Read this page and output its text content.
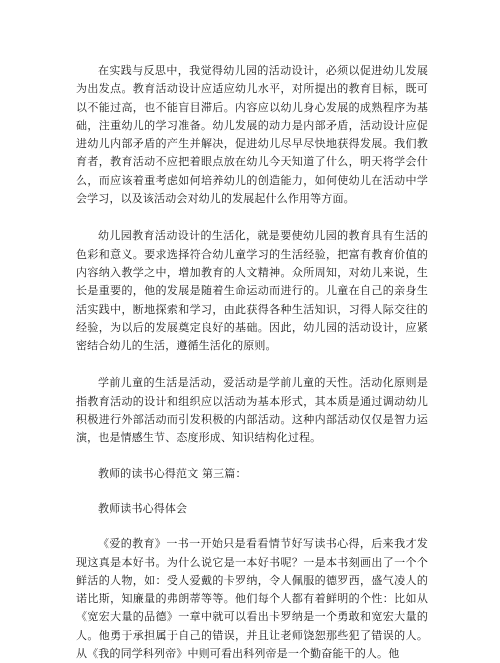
在实践与反思中，我觉得幼儿园的活动设计，必须以促进幼儿发展为出发点。教育活动设计应适应幼儿水平，对所提出的教育目标，既可以不能过高，也不能盲目滞后。内容应以幼儿身心发展的成熟程序为基础，注重幼儿的学习准备。幼儿发展的动力是内部矛盾，活动设计应促进幼儿内部矛盾的产生并解决，促进幼儿尽早尽快地获得发展。我们教育者，教育活动不应把着眼点放在幼儿今天知道了什么，明天将学会什么，而应该着重考虑如何培养幼儿的创造能力，如何使幼儿在活动中学会学习，以及该活动会对幼儿的发展起什么作用等方面。

幼儿园教育活动设计的生活化，就是要使幼儿园的教育具有生活的色彩和意义。要求选择符合幼儿童学习的生活经验，把富有教育价值的内容纳入教学之中，增加教育的人文精神。众所周知，对幼儿来说，生长是重要的，他的发展是随着生命运动而进行的。儿童在自己的亲身生活实践中，断地探索和学习，由此获得各种生活知识，习得人际交往的经验，为以后的发展奠定良好的基础。因此，幼儿园的活动设计，应紧密结合幼儿的生活，遵循生活化的原则。

学前儿童的生活是活动，爱活动是学前儿童的天性。活动化原则是指教育活动的设计和组织应以活动为基本形式，其本质是通过调动幼儿积极进行外部活动而引发积极的内部活动。这种内部活动仅仅是智力运演，也是情感生节、态度形成、知识结构化过程。

教师的读书心得范文 第三篇：

教师读书心得体会

《爱的教育》一书一开始只是看看情节好写读书心得，后来我才发现这真是本好书。为什么说它是一本好书呢？一是本书刻画出了一个个鲜活的人物，如：受人爱戴的卡罗纳，令人佩服的德罗西，盛气凌人的诺比斯，知廉量的弗朗蒂等等。他们每个人都有着鲜明的个性：比如从《宽宏大量的品德》一章中就可以看出卡罗纳是一个勇敢和宽宏大量的人。他勇于承担属于自己的错误，并且让老师饶恕那些犯了错误的人。从《我的同学科列帝》中则可看出科列帝是一个勤奋能干的人。他
